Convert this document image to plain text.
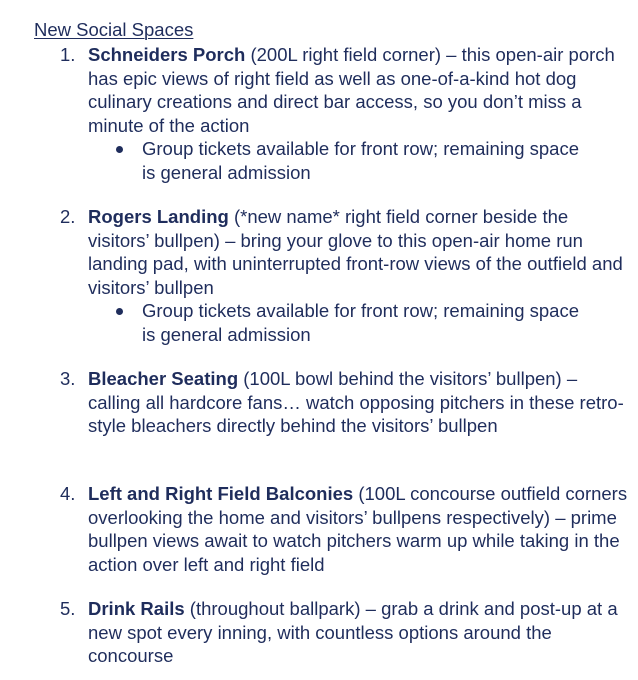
New Social Spaces
1. Schneiders Porch (200L right field corner) – this open-air porch has epic views of right field as well as one-of-a-kind hot dog culinary creations and direct bar access, so you don’t miss a minute of the action
Group tickets available for front row; remaining space is general admission
2. Rogers Landing (*new name* right field corner beside the visitors’ bullpen) – bring your glove to this open-air home run landing pad, with uninterrupted front-row views of the outfield and visitors’ bullpen
Group tickets available for front row; remaining space is general admission
3. Bleacher Seating (100L bowl behind the visitors’ bullpen) – calling all hardcore fans… watch opposing pitchers in these retro-style bleachers directly behind the visitors’ bullpen
4. Left and Right Field Balconies (100L concourse outfield corners overlooking the home and visitors’ bullpens respectively) – prime bullpen views await to watch pitchers warm up while taking in the action over left and right field
5. Drink Rails (throughout ballpark) – grab a drink and post-up at a new spot every inning, with countless options around the concourse
